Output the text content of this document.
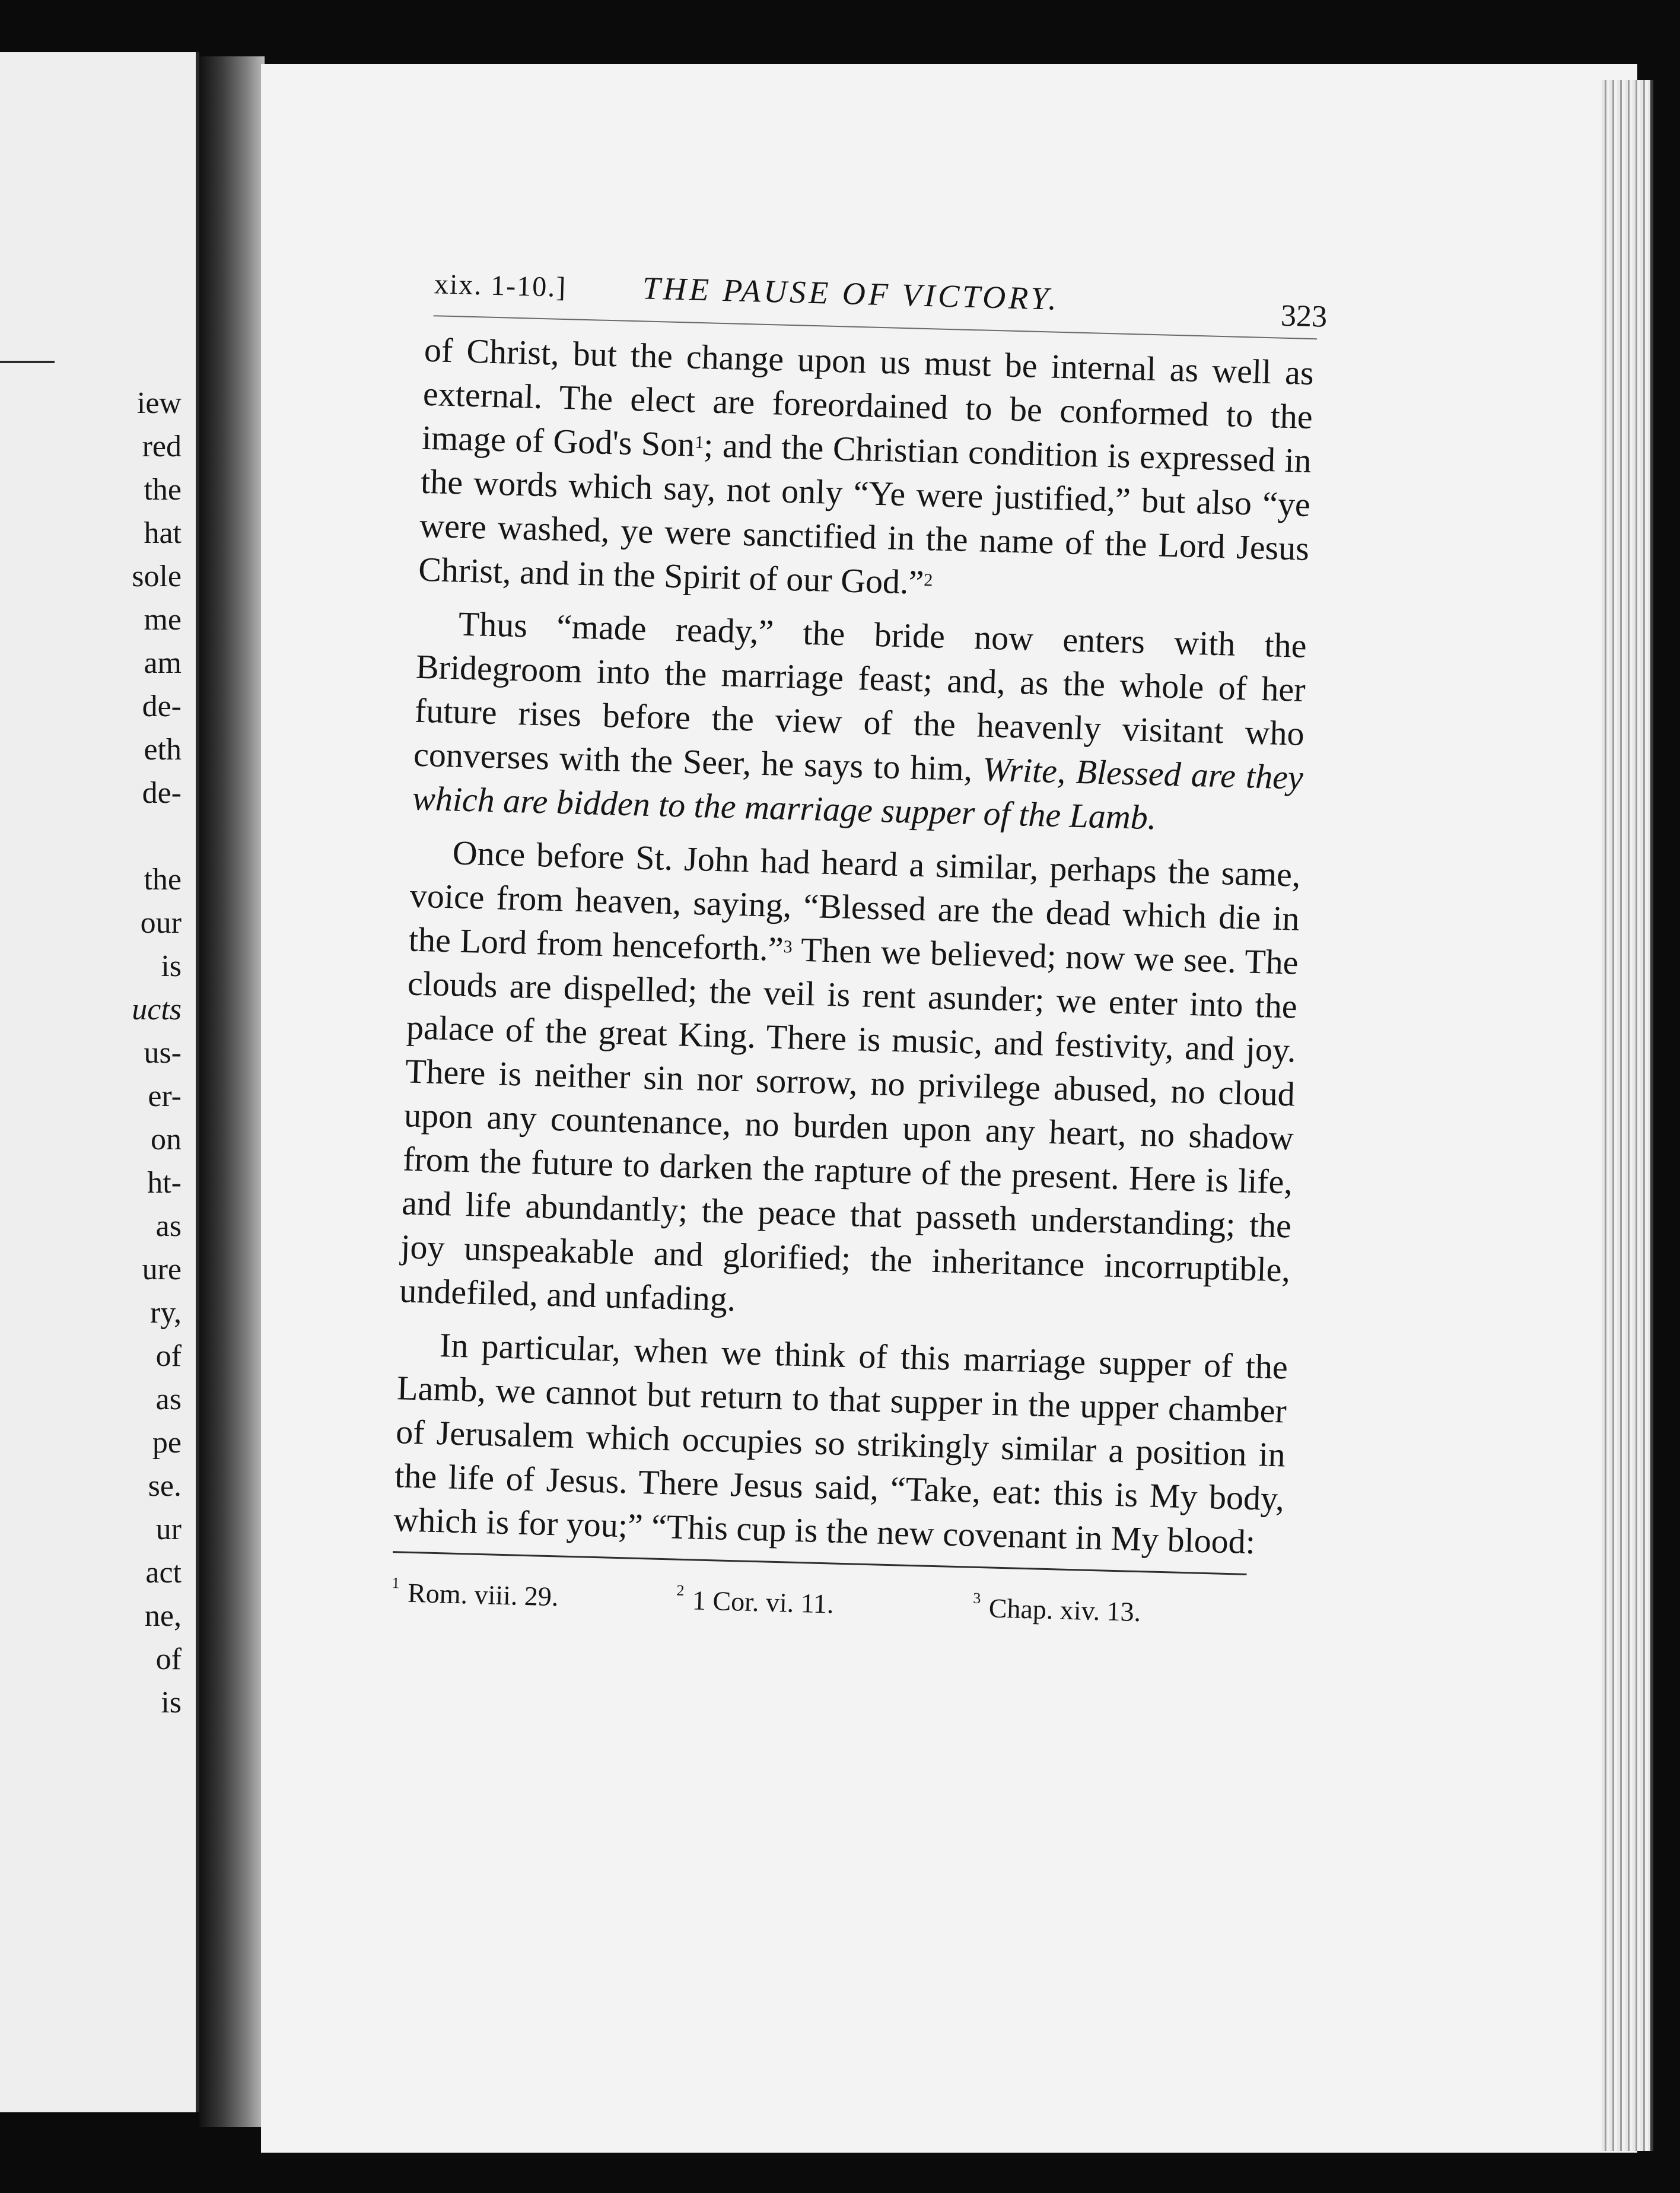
iew
red
the
hat
sole
me
am
de-
eth
de-

the
our
is
ucts
us-
er-
on
ht-
as
ure
ry,
of
as
pe
se.
ur
act
ne,
of
is
xix. 1-10.] THE PAUSE OF VICTORY.	323

of Christ, but the change upon us must be internal as well as external. The elect are foreordained to be conformed to the image of God's Son$^1$; and the Christian condition is expressed in the words which say, not only “Ye were justified,” but also “ye were washed, ye were sanctified in the name of the Lord Jesus Christ, and in the Spirit of our God.”$^2$

Thus “made ready,” the bride now enters with the Bridegroom into the marriage feast; and, as the whole of her future rises before the view of the heavenly visitant who converses with the Seer, he says to him, Write, Blessed are they which are bidden to the marriage supper of the Lamb.

Once before St. John had heard a similar, perhaps the same, voice from heaven, saying, “Blessed are the dead which die in the Lord from henceforth.”$^3$ Then we believed; now we see. The clouds are dispelled; the veil is rent asunder; we enter into the palace of the great King. There is music, and festivity, and joy. There is neither sin nor sorrow, no privilege abused, no cloud upon any countenance, no burden upon any heart, no shadow from the future to darken the rapture of the present. Here is life, and life abundantly; the peace that passeth understanding; the joy unspeakable and glorified; the inheritance incorruptible, undefiled, and unfading.

In particular, when we think of this marriage supper of the Lamb, we cannot but return to that supper in the upper chamber of Jerusalem which occupies so strikingly similar a position in the life of Jesus. There Jesus said, “Take, eat: this is My body, which is for you;” “This cup is the new covenant in My blood:

$^1$ Rom. viii. 29.	$^2$ 1 Cor. vi. 11.	$^3$ Chap. xiv. 13.
